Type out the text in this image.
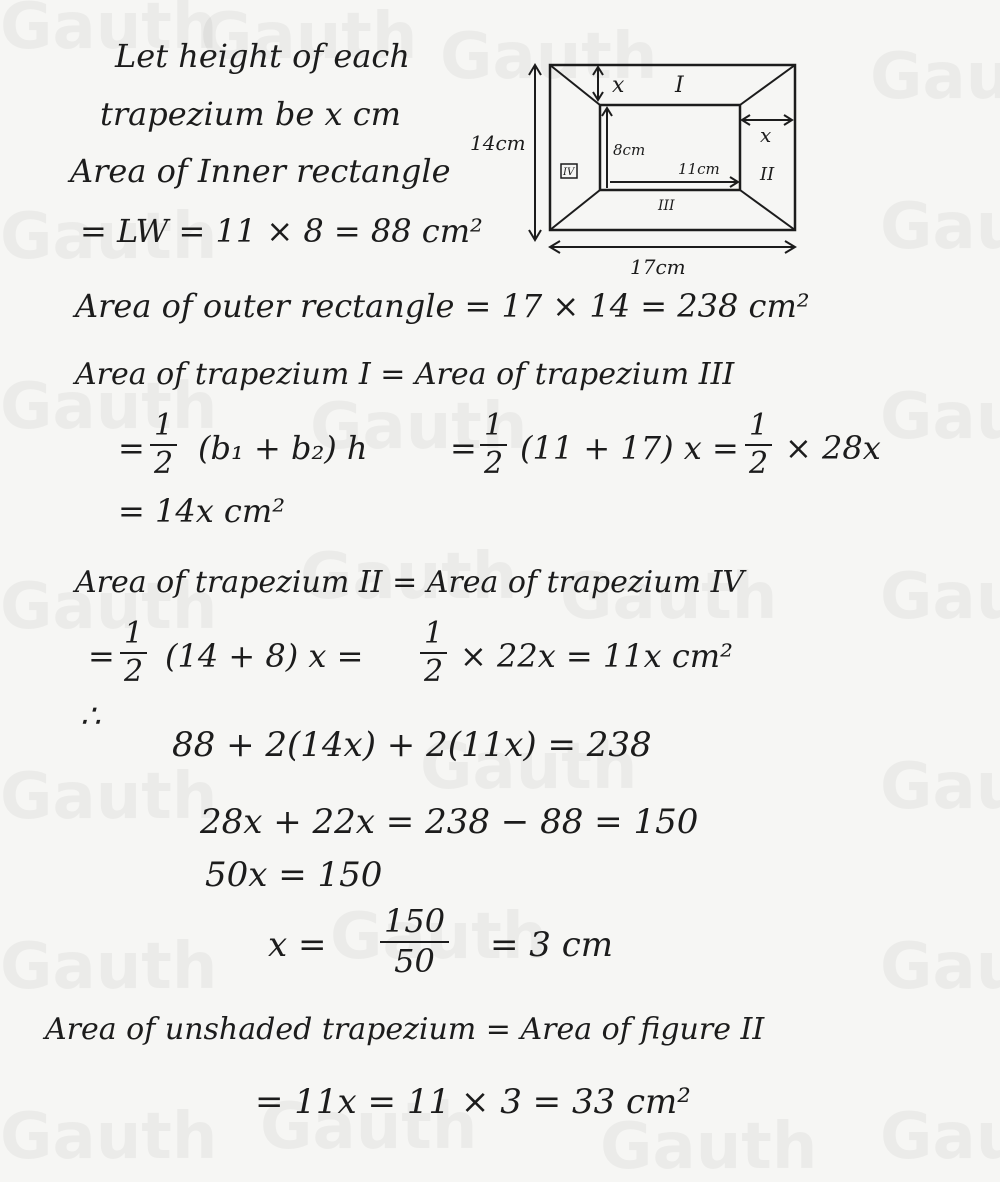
Let height of each
trapezium be x cm
Area of Inner rectangle
= LW = 11 × 8 = 88 cm²
14cm
17cm
x I
8cm
11cm
x
II
III
IV
Area of outer rectangle = 17 × 14 = 238 cm²
Area of trapezium I = Area of trapezium III
= $\frac{1}{2} (b_1 + b_2)$ h	= $\frac{1}{2} (11 + 17) x = \frac{1}{2} \times 28x$
= 14x cm²
Area of trapezium II = Area of trapezium IV
= $\frac{1}{2} (14 + 8) x = \frac{1}{2} \times 22x = 11x$ cm²
∴
88 + 2(14x) + 2(11x) = 238
28x + 22x = 238 − 88 = 150
50x = 150
$x = \frac{150}{50} = 3$ cm
Area of unshaded trapezium = Area of figure II
= 11x = 11 × 3 = 33 cm²
